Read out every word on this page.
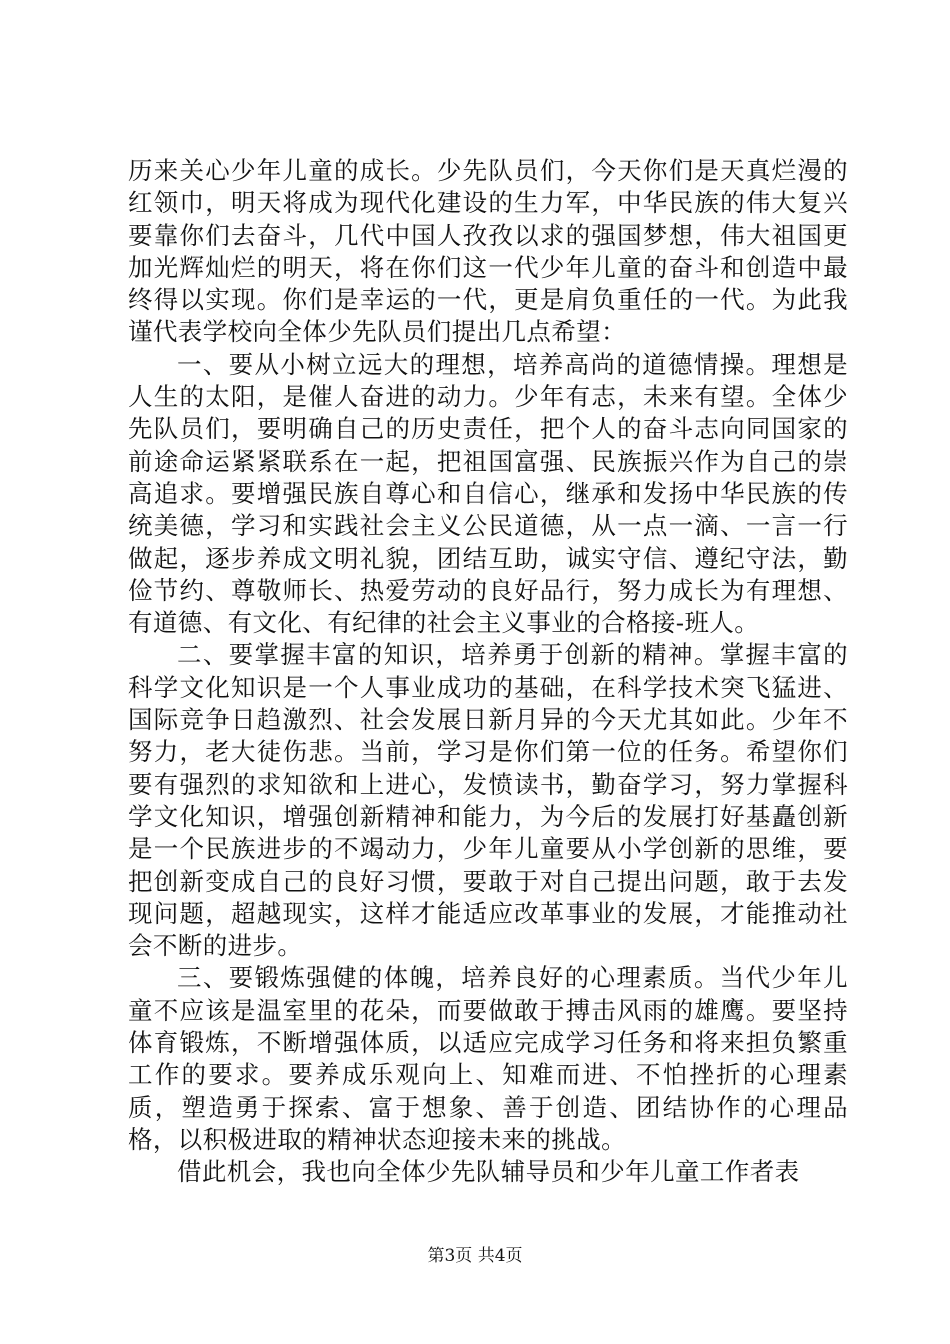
历来关心少年儿童的成长。少先队员们，今天你们是天真烂漫的红领巾，明天将成为现代化建设的生力军，中华民族的伟大复兴要靠你们去奋斗，几代中国人孜孜以求的强国梦想，伟大祖国更加光辉灿烂的明天，将在你们这一代少年儿童的奋斗和创造中最终得以实现。你们是幸运的一代，更是肩负重任的一代。为此我谨代表学校向全体少先队员们提出几点希望：

一、要从小树立远大的理想，培养高尚的道德情操。理想是人生的太阳，是催人奋进的动力。少年有志，未来有望。全体少先队员们，要明确自己的历史责任，把个人的奋斗志向同国家的前途命运紧紧联系在一起，把祖国富强、民族振兴作为自己的崇高追求。要增强民族自尊心和自信心，继承和发扬中华民族的传统美德，学习和实践社会主义公民道德，从一点一滴、一言一行做起，逐步养成文明礼貌，团结互助，诚实守信、遵纪守法，勤俭节约、尊敬师长、热爱劳动的良好品行，努力成长为有理想、有道德、有文化、有纪律的社会主义事业的合格接-班人。

二、要掌握丰富的知识，培养勇于创新的精神。掌握丰富的科学文化知识是一个人事业成功的基础，在科学技术突飞猛进、国际竞争日趋激烈、社会发展日新月异的今天尤其如此。少年不努力，老大徒伤悲。当前，学习是你们第一位的任务。希望你们要有强烈的求知欲和上进心，发愤读书，勤奋学习，努力掌握科学文化知识，增强创新精神和能力，为今后的发展打好基矗创新是一个民族进步的不竭动力，少年儿童要从小学创新的思维，要把创新变成自己的良好习惯，要敢于对自己提出问题，敢于去发现问题，超越现实，这样才能适应改革事业的发展，才能推动社会不断的进步。

三、要锻炼强健的体魄，培养良好的心理素质。当代少年儿童不应该是温室里的花朵，而要做敢于搏击风雨的雄鹰。要坚持体育锻炼，不断增强体质，以适应完成学习任务和将来担负繁重工作的要求。要养成乐观向上、知难而进、不怕挫折的心理素质，塑造勇于探索、富于想象、善于创造、团结协作的心理品格，以积极进取的精神状态迎接未来的挑战。

借此机会，我也向全体少先队辅导员和少年儿童工作者表

第3页 共4页
